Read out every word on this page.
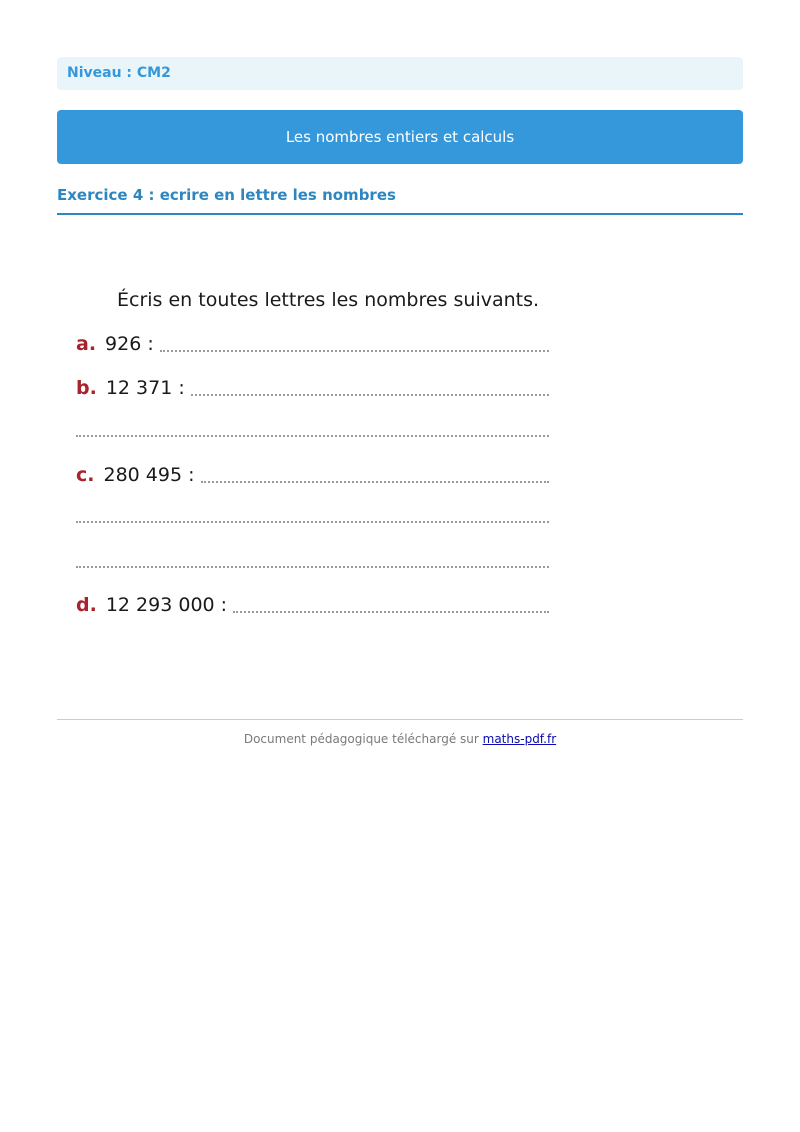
Niveau : CM2
Les nombres entiers et calculs
Exercice 4 : ecrire en lettre les nombres
Écris en toutes lettres les nombres suivants.
a. 926 :
b. 12 371 :
c. 280 495 :
d. 12 293 000 :
Document pédagogique téléchargé sur maths-pdf.fr
